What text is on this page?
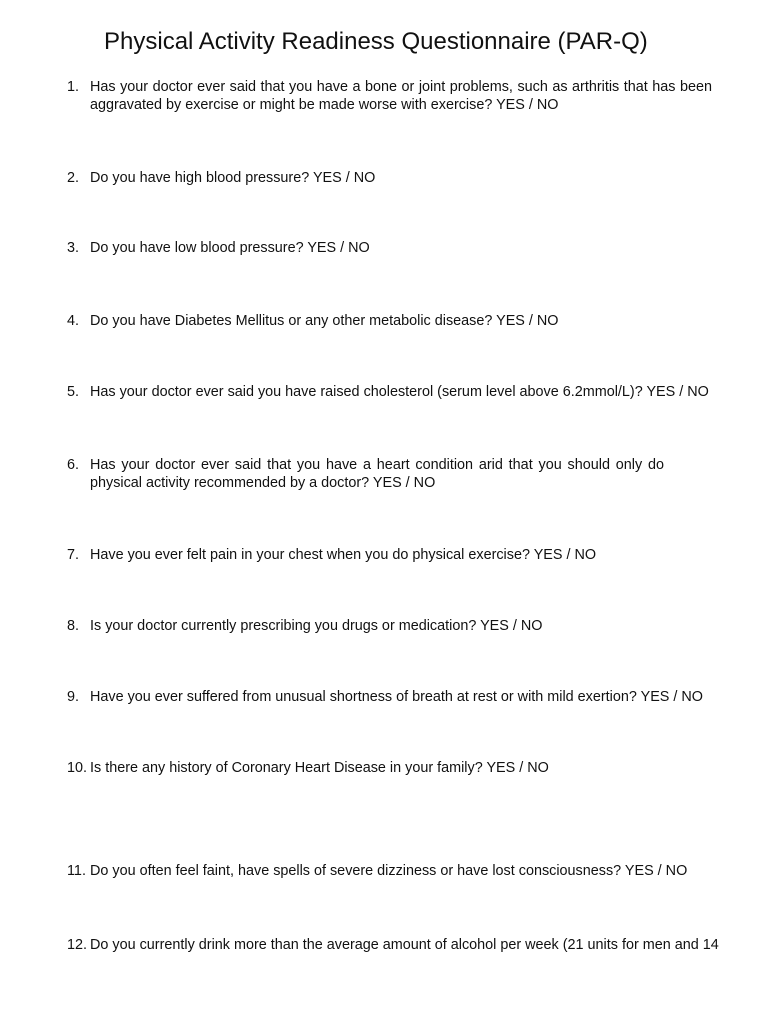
Physical Activity Readiness Questionnaire (PAR-Q)
1. Has your doctor ever said that you have a bone or joint problems, such as arthritis that has been aggravated by exercise or might be made worse with exercise? YES / NO
2. Do you have high blood pressure? YES / NO
3. Do you have low blood pressure? YES / NO
4. Do you have Diabetes Mellitus or any other metabolic disease? YES / NO
5. Has your doctor ever said you have raised cholesterol (serum level above 6.2mmol/L)? YES / NO
6. Has your doctor ever said that you have a heart condition arid that you should only do physical activity recommended by a doctor? YES / NO
7. Have you ever felt pain in your chest when you do physical exercise? YES / NO
8. Is your doctor currently prescribing you drugs or medication? YES / NO
9. Have you ever suffered from unusual shortness of breath at rest or with mild exertion? YES / NO
10. Is there any history of Coronary Heart Disease in your family? YES / NO
11. Do you often feel faint, have spells of severe dizziness or have lost consciousness? YES / NO
12. Do you currently drink more than the average amount of alcohol per week (21 units for men and 14
